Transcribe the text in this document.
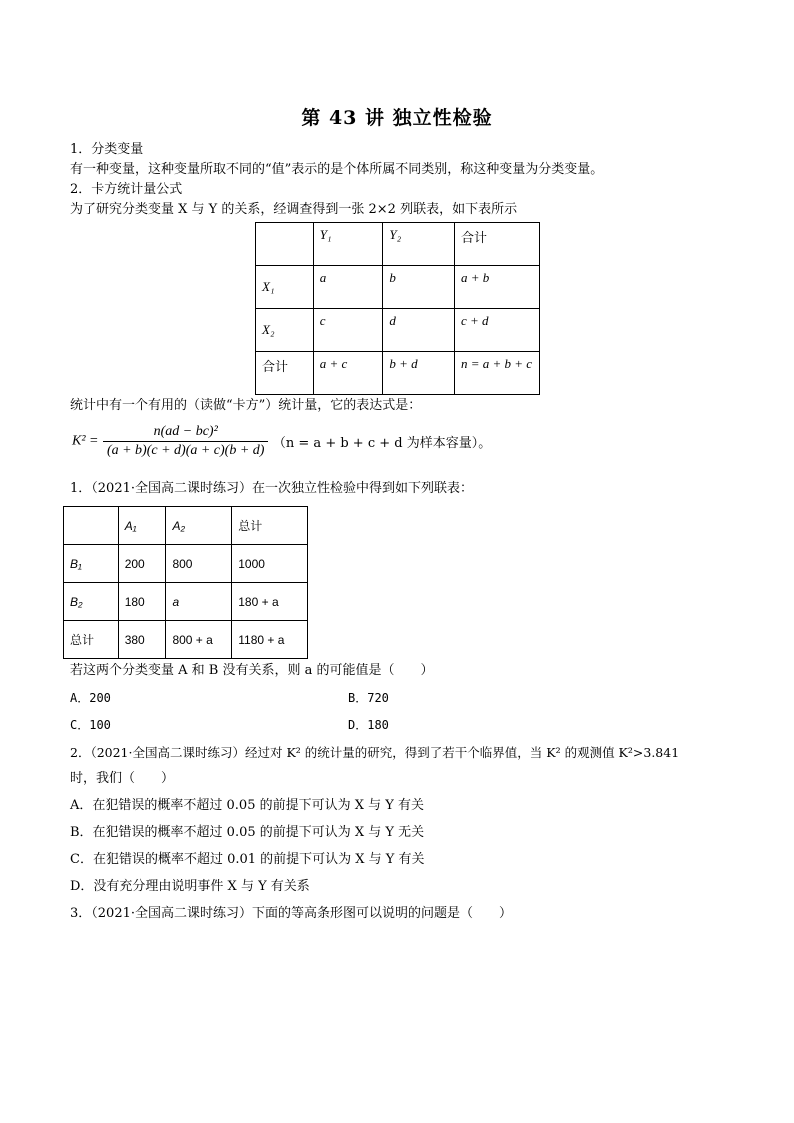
第 43 讲 独立性检验
1．分类变量
有一种变量，这种变量所取不同的“值”表示的是个体所属不同类别，称这种变量为分类变量。
2．卡方统计量公式
为了研究分类变量 X 与 Y 的关系，经调查得到一张 2×2 列联表，如下表所示
	Y₁	Y₂	合计
X₁	a	b	a + b
X₂	c	d	c + d
合计	a + c	b + d	n = a + b + c
统计中有一个有用的（读做“卡方”）统计量，它的表达式是：
$K^2 = \frac{\text{n(ad − bc)²}}{(a + b)(c + d)(a + c)(b + d)} (n = a + b + c + d$ 为样本容量）。
1．（2021·全国高二课时练习）在一次独立性检验中得到如下列联表：
	A₁	A₂	总计
B₁	200	800	1000
B₂	180	a	180 + a
总计	380	800 + a	1180 + a
若这两个分类变量 A 和 B 没有关系，则 a 的可能值是（　　）
A．200	B．720
C．100	D．180
2．（2021·全国高二课时练习）经过对 K² 的统计量的研究，得到了若干个临界值，当 K² 的观测值 K²>3.841
时，我们（　　）
A．在犯错误的概率不超过 0.05 的前提下可认为 X 与 Y 有关
B．在犯错误的概率不超过 0.05 的前提下可认为 X 与 Y 无关
C．在犯错误的概率不超过 0.01 的前提下可认为 X 与 Y 有关
D．没有充分理由说明事件 X 与 Y 有关系
3．（2021·全国高二课时练习）下面的等高条形图可以说明的问题是（　　）
